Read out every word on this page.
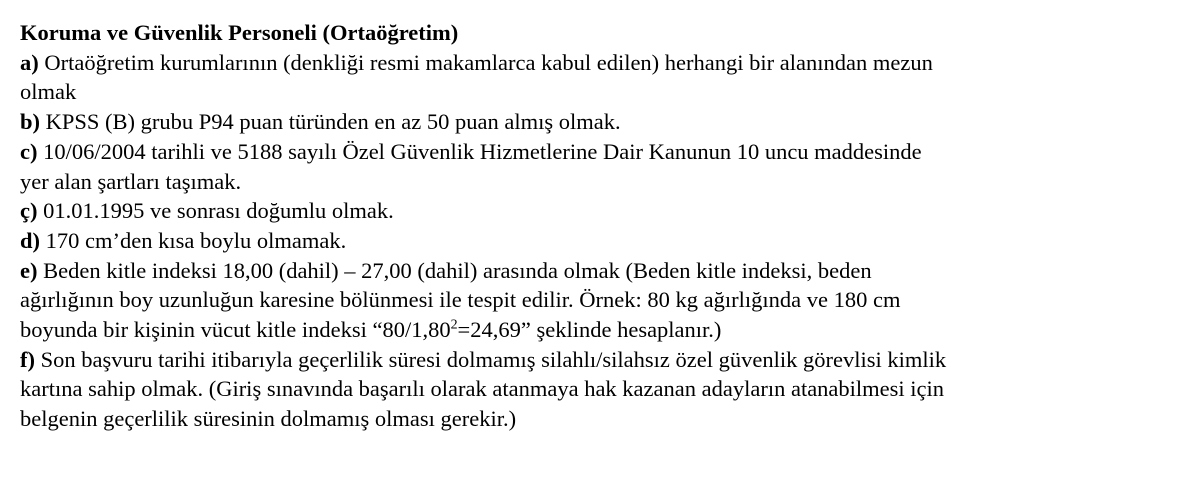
Koruma ve Güvenlik Personeli (Ortaöğretim)

a) Ortaöğretim kurumlarının (denkliği resmi makamlarca kabul edilen) herhangi bir alanından mezun

olmak

b) KPSS (B) grubu P94 puan türünden en az 50 puan almış olmak.

c) 10/06/2004 tarihli ve 5188 sayılı Özel Güvenlik Hizmetlerine Dair Kanunun 10 uncu maddesinde

yer alan şartları taşımak.

ç) 01.01.1995 ve sonrası doğumlu olmak.

d) 170 cm’den kısa boylu olmamak.

e) Beden kitle indeksi 18,00 (dahil) – 27,00 (dahil) arasında olmak (Beden kitle indeksi, beden

ağırlığının boy uzunluğun karesine bölünmesi ile tespit edilir. Örnek: 80 kg ağırlığında ve 180 cm

boyunda bir kişinin vücut kitle indeksi “$80/1,80^2=24,69$” şeklinde hesaplanır.)

f) Son başvuru tarihi itibarıyla geçerlilik süresi dolmamış silahlı/silahsız özel güvenlik görevlisi kimlik

kartına sahip olmak. (Giriş sınavında başarılı olarak atanmaya hak kazanan adayların atanabilmesi için

belgenin geçerlilik süresinin dolmamış olması gerekir.)
